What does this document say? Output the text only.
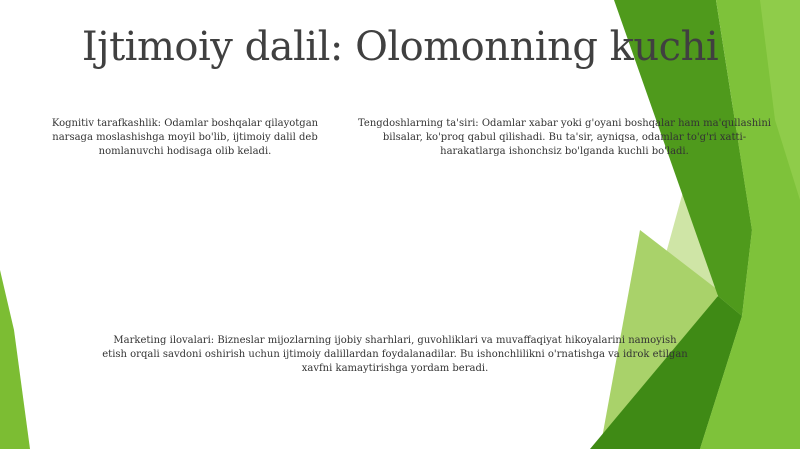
Ijtimoiy dalil: Olomonning kuchi

Kognitiv tarafkashlik: Odamlar boshqalar qilayotgan narsaga moslashishga moyil bo'lib, ijtimoiy dalil deb nomlanuvchi hodisaga olib keladi.

Tengdoshlarning ta'siri: Odamlar xabar yoki g'oyani boshqalar ham ma'qullashini bilsalar, ko'proq qabul qilishadi. Bu ta'sir, ayniqsa, odamlar to'g'ri xatti-harakatlarga ishonchsiz bo'lganda kuchli bo'ladi.

Marketing ilovalari: Bizneslar mijozlarning ijobiy sharhlari, guvohliklari va muvaffaqiyat hikoyalarini namoyish etish orqali savdoni oshirish uchun ijtimoiy dalillardan foydalanadilar. Bu ishonchlilikni o'rnatishga va idrok etilgan xavfni kamaytirishga yordam beradi.
